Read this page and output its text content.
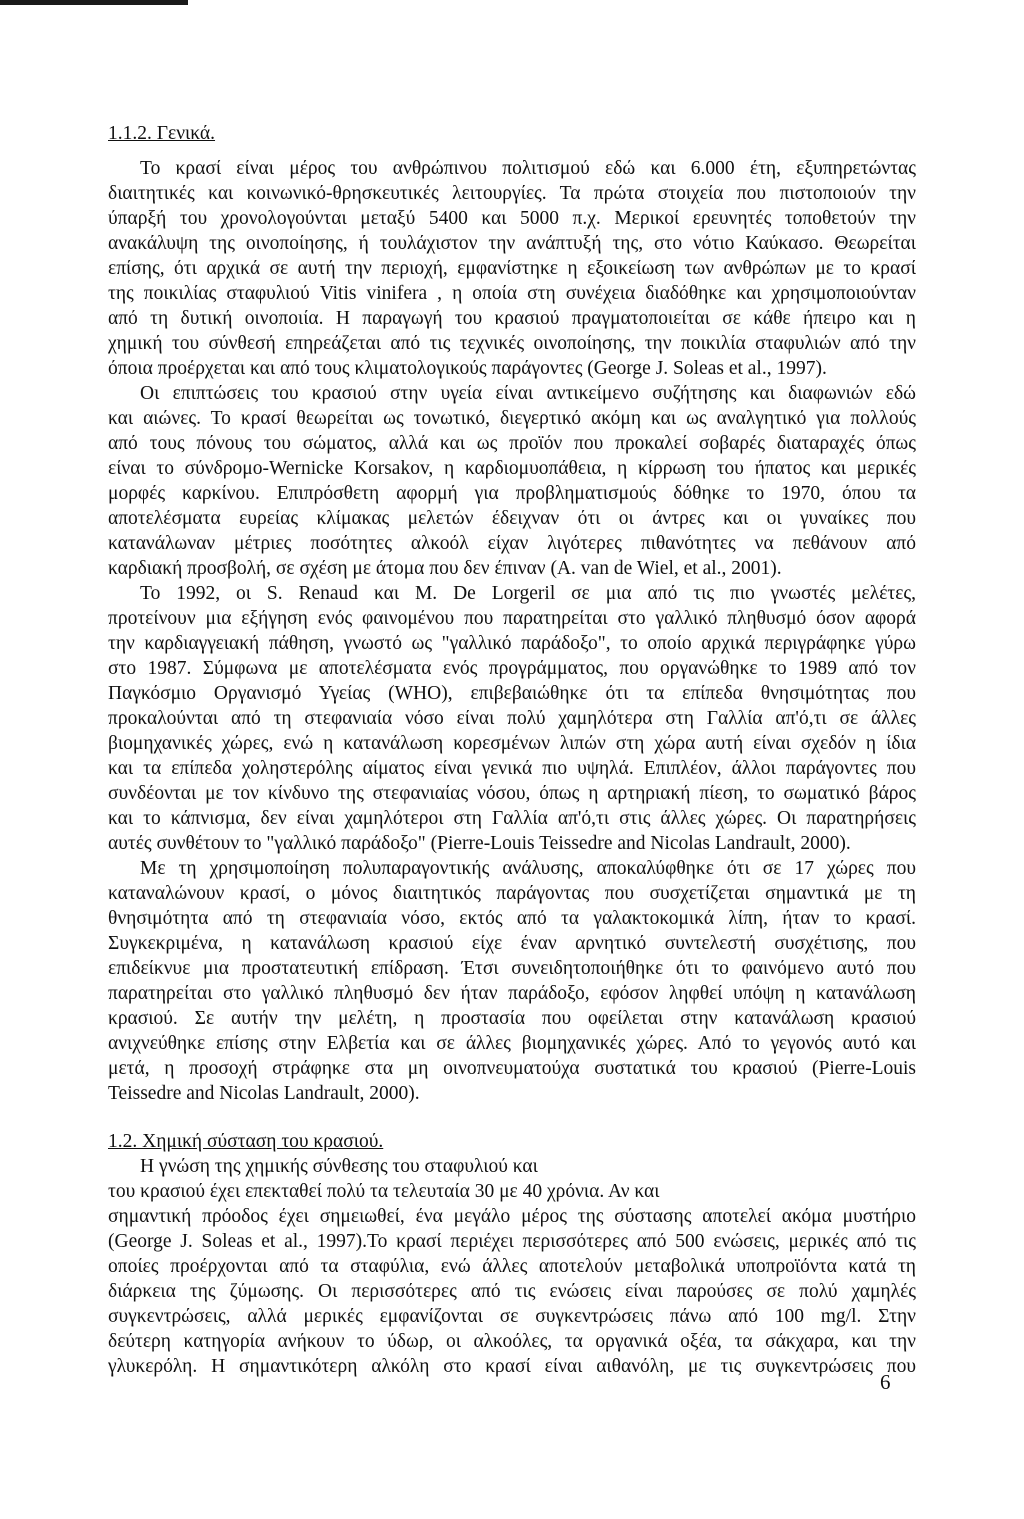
1.1.2. Γενικά.

Το κρασί είναι μέρος του ανθρώπινου πολιτισμού εδώ και 6.000 έτη, εξυπηρετώντας

διαιτητικές και κοινωνικό-θρησκευτικές λειτουργίες. Τα πρώτα στοιχεία που πιστοποιούν την

ύπαρξή του χρονολογούνται μεταξύ 5400 και 5000 π.χ. Μερικοί ερευνητές τοποθετούν την

ανακάλυψη της οινοποίησης, ή τουλάχιστον την ανάπτυξή της, στο νότιο Καύκασο. Θεωρείται

επίσης, ότι αρχικά σε αυτή την περιοχή, εμφανίστηκε η εξοικείωση των ανθρώπων με το κρασί

της ποικιλίας σταφυλιού Vitis vinifera , η οποία στη συνέχεια διαδόθηκε και χρησιμοποιούνταν

από τη δυτική οινοποιία. Η παραγωγή του κρασιού πραγματοποιείται σε κάθε ήπειρο και η

χημική του σύνθεσή επηρεάζεται από τις τεχνικές οινοποίησης, την ποικιλία σταφυλιών από την

όποια προέρχεται και από τους κλιματολογικούς παράγοντες (George J. Soleas et al., 1997).

Οι επιπτώσεις του κρασιού στην υγεία είναι αντικείμενο συζήτησης και διαφωνιών εδώ

και αιώνες. Το κρασί θεωρείται ως τονωτικό, διεγερτικό ακόμη και ως αναλγητικό για πολλούς

από τους πόνους του σώματος, αλλά και ως προϊόν που προκαλεί σοβαρές διαταραχές όπως

είναι το σύνδρομο-Wernicke Korsakov, η καρδιομυοπάθεια, η κίρρωση του ήπατος και μερικές

μορφές καρκίνου. Επιπρόσθετη αφορμή για προβληματισμούς δόθηκε το 1970, όπου τα

αποτελέσματα ευρείας κλίμακας μελετών έδειχναν ότι οι άντρες και οι γυναίκες που

κατανάλωναν μέτριες ποσότητες αλκοόλ είχαν λιγότερες πιθανότητες να πεθάνουν από

καρδιακή προσβολή, σε σχέση με άτομα που δεν έπιναν (A. van de Wiel, et al., 2001).

Το 1992, οι S. Renaud και M. De Lorgeril σε μια από τις πιο γνωστές μελέτες,

προτείνουν μια εξήγηση ενός φαινομένου που παρατηρείται στο γαλλικό πληθυσμό όσον αφορά

την καρδιαγγειακή πάθηση, γνωστό ως "γαλλικό παράδοξο", το οποίο αρχικά περιγράφηκε γύρω

στο 1987. Σύμφωνα με αποτελέσματα ενός προγράμματος, που οργανώθηκε το 1989 από τον

Παγκόσμιο Οργανισμό Υγείας (WHO), επιβεβαιώθηκε ότι τα επίπεδα θνησιμότητας που

προκαλούνται από τη στεφανιαία νόσο είναι πολύ χαμηλότερα στη Γαλλία απ'ό,τι σε άλλες

βιομηχανικές χώρες, ενώ η κατανάλωση κορεσμένων λιπών στη χώρα αυτή είναι σχεδόν η ίδια

και τα επίπεδα χοληστερόλης αίματος είναι γενικά πιο υψηλά. Επιπλέον, άλλοι παράγοντες που

συνδέονται με τον κίνδυνο της στεφανιαίας νόσου, όπως η αρτηριακή πίεση, το σωματικό βάρος

και το κάπνισμα, δεν είναι χαμηλότεροι στη Γαλλία απ'ό,τι στις άλλες χώρες. Οι παρατηρήσεις

αυτές συνθέτουν το "γαλλικό παράδοξο" (Pierre-Louis Teissedre and Nicolas Landrault, 2000).

Με τη χρησιμοποίηση πολυπαραγοντικής ανάλυσης, αποκαλύφθηκε ότι σε 17 χώρες που

καταναλώνουν κρασί, ο μόνος διαιτητικός παράγοντας που συσχετίζεται σημαντικά με τη

θνησιμότητα από τη στεφανιαία νόσο, εκτός από τα γαλακτοκομικά λίπη, ήταν το κρασί.

Συγκεκριμένα, η κατανάλωση κρασιού είχε έναν αρνητικό συντελεστή συσχέτισης, που

επιδείκνυε μια προστατευτική επίδραση. Έτσι συνειδητοποιήθηκε ότι το φαινόμενο αυτό που

παρατηρείται στο γαλλικό πληθυσμό δεν ήταν παράδοξο, εφόσον ληφθεί υπόψη η κατανάλωση

κρασιού. Σε αυτήν την μελέτη, η προστασία που οφείλεται στην κατανάλωση κρασιού

ανιχνεύθηκε επίσης στην Ελβετία και σε άλλες βιομηχανικές χώρες. Από το γεγονός αυτό και

μετά, η προσοχή στράφηκε στα μη οινοπνευματούχα συστατικά του κρασιού (Pierre-Louis

Teissedre and Nicolas Landrault, 2000).

1.2. Χημική σύσταση του κρασιού.

Η γνώση της χημικής σύνθεσης του σταφυλιού και

του κρασιού έχει επεκταθεί πολύ τα τελευταία 30 με 40 χρόνια. Αν και

σημαντική πρόοδος έχει σημειωθεί, ένα μεγάλο μέρος της σύστασης αποτελεί ακόμα μυστήριο

(George J. Soleas et al., 1997).Το κρασί περιέχει περισσότερες από 500 ενώσεις, μερικές από τις

οποίες προέρχονται από τα σταφύλια, ενώ άλλες αποτελούν μεταβολικά υποπροϊόντα κατά τη

διάρκεια της ζύμωσης. Οι περισσότερες από τις ενώσεις είναι παρούσες σε πολύ χαμηλές

συγκεντρώσεις, αλλά μερικές εμφανίζονται σε συγκεντρώσεις πάνω από 100 mg/l. Στην

δεύτερη κατηγορία ανήκουν το ύδωρ, οι αλκοόλες, τα οργανικά οξέα, τα σάκχαρα, και την

γλυκερόλη. Η σημαντικότερη αλκόλη στο κρασί είναι αιθανόλη, με τις συγκεντρώσεις που

6
